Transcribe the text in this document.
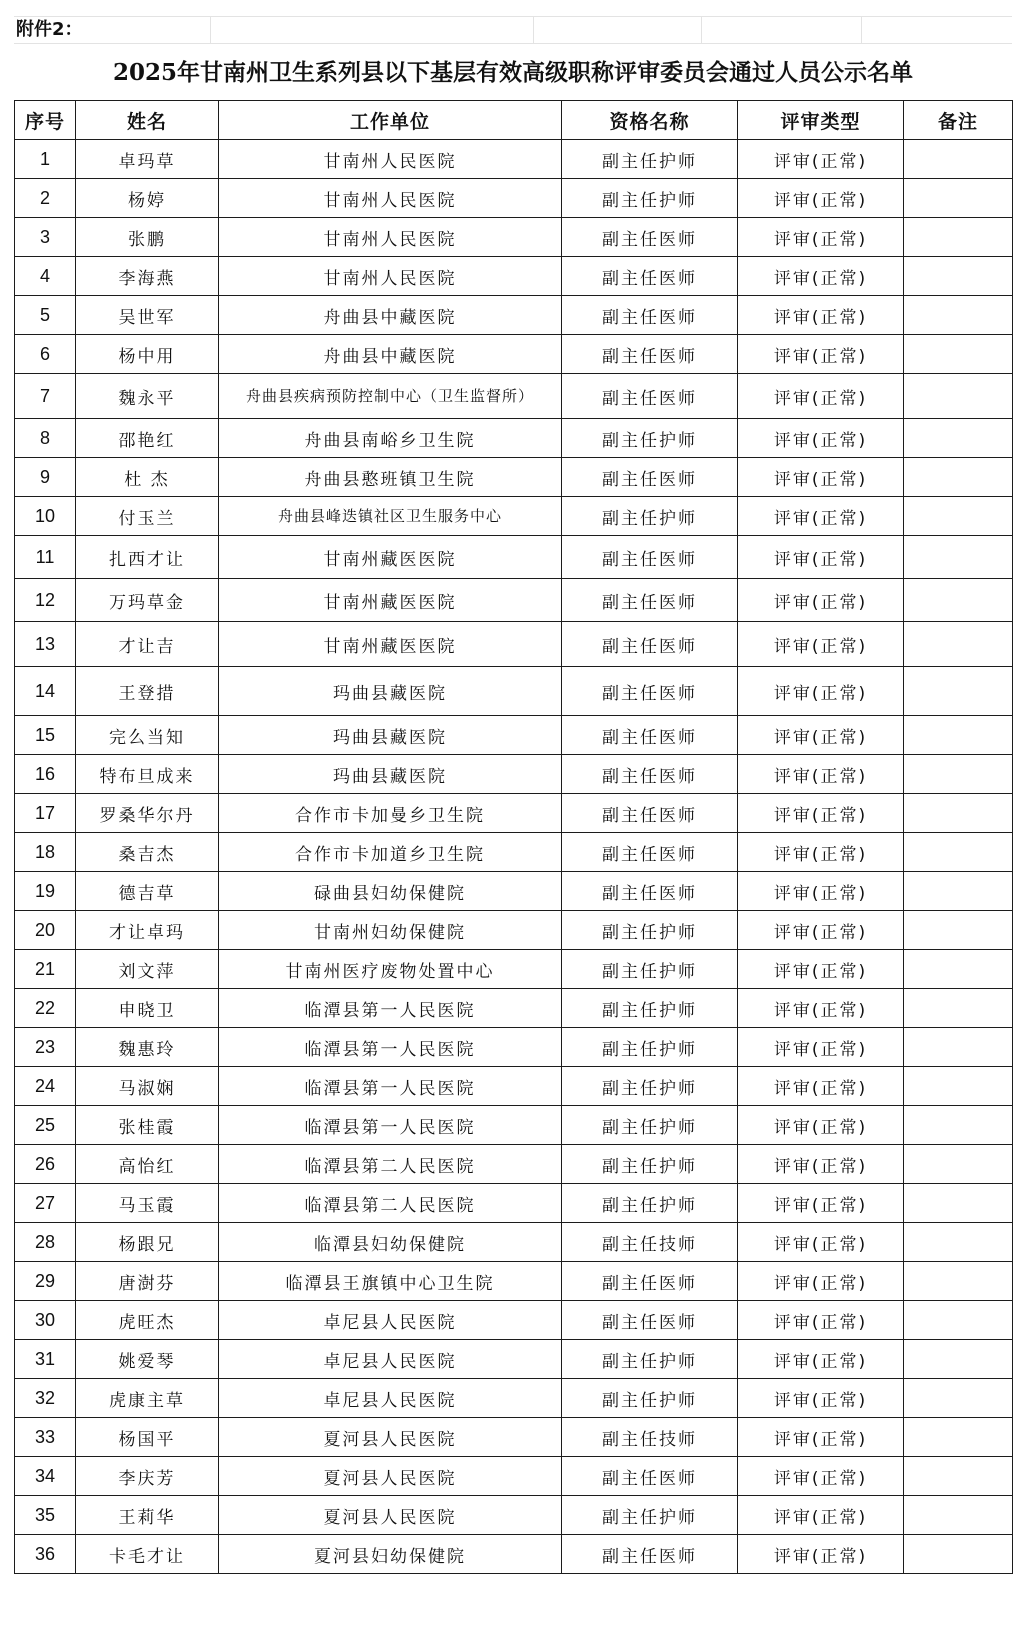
附件2：
2025年甘南州卫生系列县以下基层有效高级职称评审委员会通过人员公示名单
序号	姓名	工作单位	资格名称	评审类型	备注
1	卓玛草	甘南州人民医院	副主任护师	评审(正常)	
2	杨婷	甘南州人民医院	副主任护师	评审(正常)	
3	张鹏	甘南州人民医院	副主任医师	评审(正常)	
4	李海燕	甘南州人民医院	副主任医师	评审(正常)	
5	吴世军	舟曲县中藏医院	副主任医师	评审(正常)	
6	杨中用	舟曲县中藏医院	副主任医师	评审(正常)	
7	魏永平	舟曲县疾病预防控制中心（卫生监督所）	副主任医师	评审(正常)	
8	邵艳红	舟曲县南峪乡卫生院	副主任护师	评审(正常)	
9	杜 杰	舟曲县憨班镇卫生院	副主任医师	评审(正常)	
10	付玉兰	舟曲县峰迭镇社区卫生服务中心	副主任护师	评审(正常)	
11	扎西才让	甘南州藏医医院	副主任医师	评审(正常)	
12	万玛草金	甘南州藏医医院	副主任医师	评审(正常)	
13	才让吉	甘南州藏医医院	副主任医师	评审(正常)	
14	王登措	玛曲县藏医院	副主任医师	评审(正常)	
15	完么当知	玛曲县藏医院	副主任医师	评审(正常)	
16	特布旦成来	玛曲县藏医院	副主任医师	评审(正常)	
17	罗桑华尔丹	合作市卡加曼乡卫生院	副主任医师	评审(正常)	
18	桑吉杰	合作市卡加道乡卫生院	副主任医师	评审(正常)	
19	德吉草	碌曲县妇幼保健院	副主任医师	评审(正常)	
20	才让卓玛	甘南州妇幼保健院	副主任护师	评审(正常)	
21	刘文萍	甘南州医疗废物处置中心	副主任护师	评审(正常)	
22	申晓卫	临潭县第一人民医院	副主任护师	评审(正常)	
23	魏惠玲	临潭县第一人民医院	副主任护师	评审(正常)	
24	马淑娴	临潭县第一人民医院	副主任护师	评审(正常)	
25	张桂霞	临潭县第一人民医院	副主任护师	评审(正常)	
26	高怡红	临潭县第二人民医院	副主任护师	评审(正常)	
27	马玉霞	临潭县第二人民医院	副主任护师	评审(正常)	
28	杨跟兄	临潭县妇幼保健院	副主任技师	评审(正常)	
29	唐澍芬	临潭县王旗镇中心卫生院	副主任医师	评审(正常)	
30	虎旺杰	卓尼县人民医院	副主任医师	评审(正常)	
31	姚爱琴	卓尼县人民医院	副主任护师	评审(正常)	
32	虎康主草	卓尼县人民医院	副主任护师	评审(正常)	
33	杨国平	夏河县人民医院	副主任技师	评审(正常)	
34	李庆芳	夏河县人民医院	副主任医师	评审(正常)	
35	王莉华	夏河县人民医院	副主任护师	评审(正常)	
36	卡毛才让	夏河县妇幼保健院	副主任医师	评审(正常)	
